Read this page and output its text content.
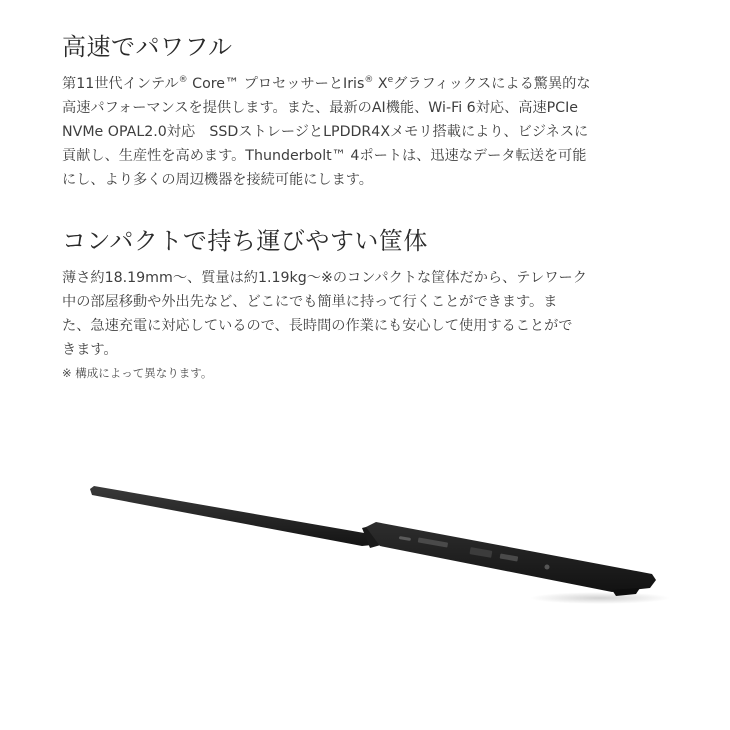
高速でパワフル

第11世代インテル® Core™ プロセッサーとIris® Xeグラフィックスによる驚異的な
高速パフォーマンスを提供します。また、最新のAI機能、Wi-Fi 6対応、高速PCIe
NVMe OPAL2.0対応　SSDストレージとLPDDR4Xメモリ搭載により、ビジネスに
貢献し、生産性を高めます。Thunderbolt™ 4ポートは、迅速なデータ転送を可能
にし、より多くの周辺機器を接続可能にします。

コンパクトで持ち運びやすい筐体

薄さ約18.19mm～、質量は約1.19kg～※のコンパクトな筐体だから、テレワーク
中の部屋移動や外出先など、どこにでも簡単に持って行くことができます。ま
た、急速充電に対応しているので、長時間の作業にも安心して使用することがで
きます。

※ 構成によって異なります。
